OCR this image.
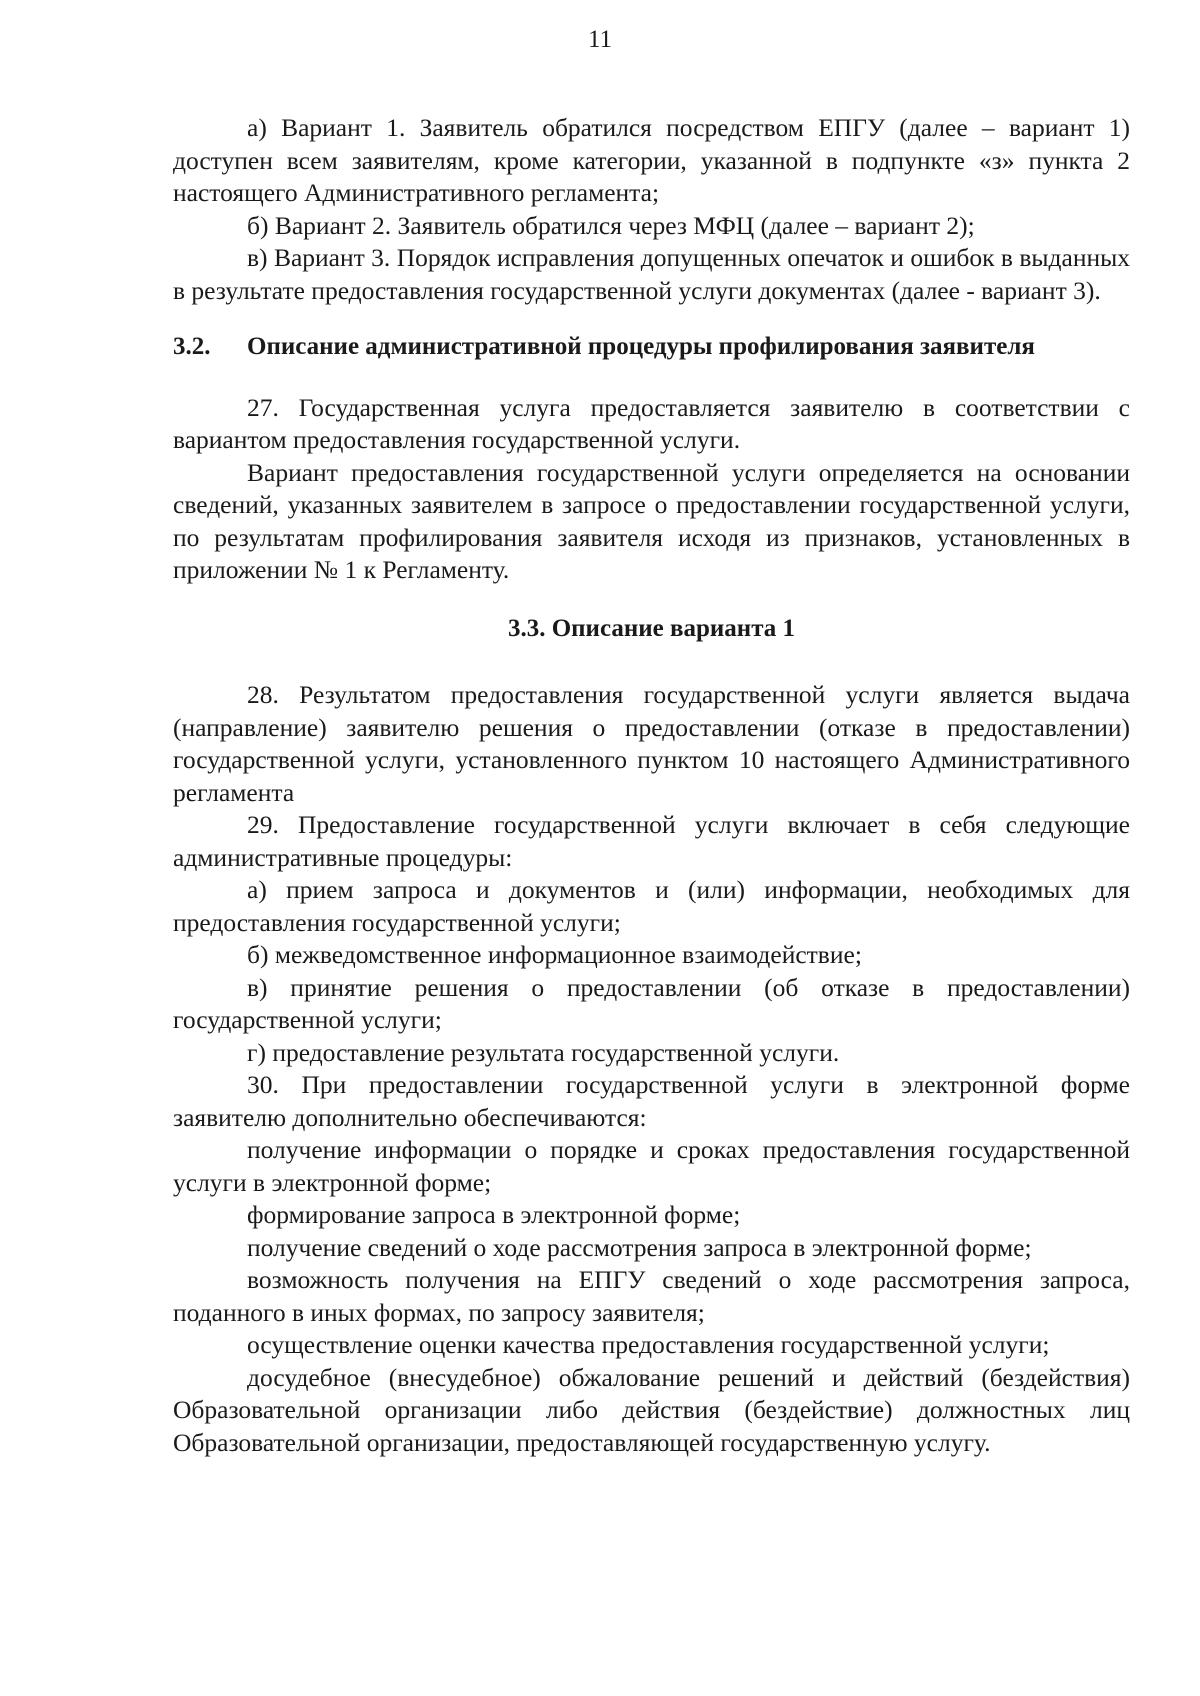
11

а) Вариант 1. Заявитель обратился посредством ЕПГУ (далее – вариант 1) доступен всем заявителям, кроме категории, указанной в подпункте «з» пункта 2 настоящего Административного регламента;

б) Вариант 2. Заявитель обратился через МФЦ (далее – вариант 2);

в) Вариант 3. Порядок исправления допущенных опечаток и ошибок в выданных в результате предоставления государственной услуги документах (далее - вариант 3).

3.2.	Описание административной процедуры профилирования заявителя

27. Государственная услуга предоставляется заявителю в соответствии с вариантом предоставления государственной услуги.

Вариант предоставления государственной услуги определяется на основании сведений, указанных заявителем в запросе о предоставлении государственной услуги, по результатам профилирования заявителя исходя из признаков, установленных в приложении № 1 к Регламенту.

3.3. Описание варианта 1

28. Результатом предоставления государственной услуги является выдача (направление) заявителю решения о предоставлении (отказе в предоставлении) государственной услуги, установленного пунктом 10 настоящего Административного регламента

29. Предоставление государственной услуги включает в себя следующие административные процедуры:

а) прием запроса и документов и (или) информации, необходимых для предоставления государственной услуги;

б) межведомственное информационное взаимодействие;

в) принятие решения о предоставлении (об отказе в предоставлении) государственной услуги;

г) предоставление результата государственной услуги.

30. При предоставлении государственной услуги в электронной форме заявителю дополнительно обеспечиваются:

получение информации о порядке и сроках предоставления государственной услуги в электронной форме;

формирование запроса в электронной форме;

получение сведений о ходе рассмотрения запроса в электронной форме;

возможность получения на ЕПГУ сведений о ходе рассмотрения запроса, поданного в иных формах, по запросу заявителя;

осуществление оценки качества предоставления государственной услуги;

досудебное (внесудебное) обжалование решений и действий (бездействия) Образовательной организации либо действия (бездействие) должностных лиц Образовательной организации, предоставляющей государственную услугу.
